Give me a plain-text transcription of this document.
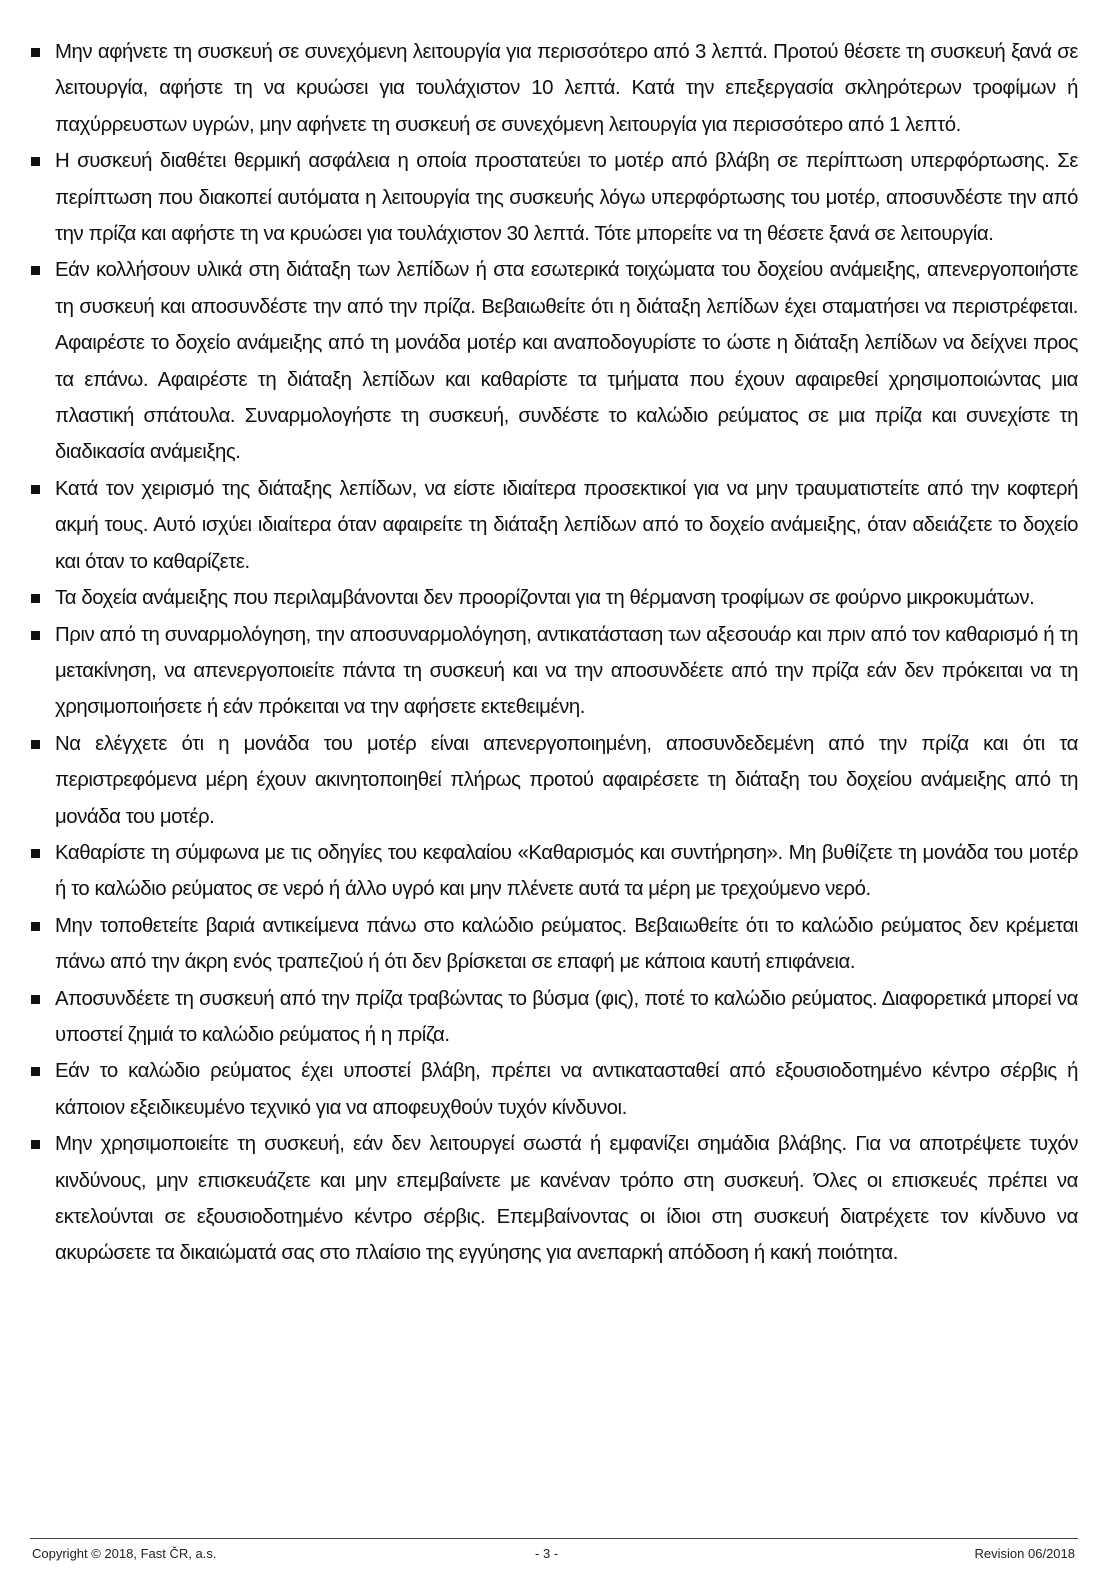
Μην αφήνετε τη συσκευή σε συνεχόμενη λειτουργία για περισσότερο από 3 λεπτά. Προτού θέσετε τη συσκευή ξανά σε λειτουργία, αφήστε τη να κρυώσει για τουλάχιστον 10 λεπτά. Κατά την επεξεργασία σκληρότερων τροφίμων ή παχύρρευστων υγρών, μην αφήνετε τη συσκευή σε συνεχόμενη λειτουργία για περισσότερο από 1 λεπτό.
Η συσκευή διαθέτει θερμική ασφάλεια η οποία προστατεύει το μοτέρ από βλάβη σε περίπτωση υπερφόρτωσης. Σε περίπτωση που διακοπεί αυτόματα η λειτουργία της συσκευής λόγω υπερφόρτωσης του μοτέρ, αποσυνδέστε την από την πρίζα και αφήστε τη να κρυώσει για τουλάχιστον 30 λεπτά. Τότε μπορείτε να τη θέσετε ξανά σε λειτουργία.
Εάν κολλήσουν υλικά στη διάταξη των λεπίδων ή στα εσωτερικά τοιχώματα του δοχείου ανάμειξης, απενεργοποιήστε τη συσκευή και αποσυνδέστε την από την πρίζα. Βεβαιωθείτε ότι η διάταξη λεπίδων έχει σταματήσει να περιστρέφεται. Αφαιρέστε το δοχείο ανάμειξης από τη μονάδα μοτέρ και αναποδογυρίστε το ώστε η διάταξη λεπίδων να δείχνει προς τα επάνω. Αφαιρέστε τη διάταξη λεπίδων και καθαρίστε τα τμήματα που έχουν αφαιρεθεί χρησιμοποιώντας μια πλαστική σπάτουλα. Συναρμολογήστε τη συσκευή, συνδέστε το καλώδιο ρεύματος σε μια πρίζα και συνεχίστε τη διαδικασία ανάμειξης.
Κατά τον χειρισμό της διάταξης λεπίδων, να είστε ιδιαίτερα προσεκτικοί για να μην τραυματιστείτε από την κοφτερή ακμή τους. Αυτό ισχύει ιδιαίτερα όταν αφαιρείτε τη διάταξη λεπίδων από το δοχείο ανάμειξης, όταν αδειάζετε το δοχείο και όταν το καθαρίζετε.
Τα δοχεία ανάμειξης που περιλαμβάνονται δεν προορίζονται για τη θέρμανση τροφίμων σε φούρνο μικροκυμάτων.
Πριν από τη συναρμολόγηση, την αποσυναρμολόγηση, αντικατάσταση των αξεσουάρ και πριν από τον καθαρισμό ή τη μετακίνηση, να απενεργοποιείτε πάντα τη συσκευή και να την αποσυνδέετε από την πρίζα εάν δεν πρόκειται να τη χρησιμοποιήσετε ή εάν πρόκειται να την αφήσετε εκτεθειμένη.
Να ελέγχετε ότι η μονάδα του μοτέρ είναι απενεργοποιημένη, αποσυνδεδεμένη από την πρίζα και ότι τα περιστρεφόμενα μέρη έχουν ακινητοποιηθεί πλήρως προτού αφαιρέσετε τη διάταξη του δοχείου ανάμειξης από τη μονάδα του μοτέρ.
Καθαρίστε τη σύμφωνα με τις οδηγίες του κεφαλαίου «Καθαρισμός και συντήρηση». Μη βυθίζετε τη μονάδα του μοτέρ ή το καλώδιο ρεύματος σε νερό ή άλλο υγρό και μην πλένετε αυτά τα μέρη με τρεχούμενο νερό.
Μην τοποθετείτε βαριά αντικείμενα πάνω στο καλώδιο ρεύματος. Βεβαιωθείτε ότι το καλώδιο ρεύματος δεν κρέμεται πάνω από την άκρη ενός τραπεζιού ή ότι δεν βρίσκεται σε επαφή με κάποια καυτή επιφάνεια.
Αποσυνδέετε τη συσκευή από την πρίζα τραβώντας το βύσμα (φις), ποτέ το καλώδιο ρεύματος. Διαφορετικά μπορεί να υποστεί ζημιά το καλώδιο ρεύματος ή η πρίζα.
Εάν το καλώδιο ρεύματος έχει υποστεί βλάβη, πρέπει να αντικατασταθεί από εξουσιοδοτημένο κέντρο σέρβις ή κάποιον εξειδικευμένο τεχνικό για να αποφευχθούν τυχόν κίνδυνοι.
Μην χρησιμοποιείτε τη συσκευή, εάν δεν λειτουργεί σωστά ή εμφανίζει σημάδια βλάβης. Για να αποτρέψετε τυχόν κινδύνους, μην επισκευάζετε και μην επεμβαίνετε με κανέναν τρόπο στη συσκευή. Όλες οι επισκευές πρέπει να εκτελούνται σε εξουσιοδοτημένο κέντρο σέρβις. Επεμβαίνοντας οι ίδιοι στη συσκευή διατρέχετε τον κίνδυνο να ακυρώσετε τα δικαιώματά σας στο πλαίσιο της εγγύησης για ανεπαρκή απόδοση ή κακή ποιότητα.
Copyright © 2018, Fast ČR, a.s.	- 3 -	Revision 06/2018
